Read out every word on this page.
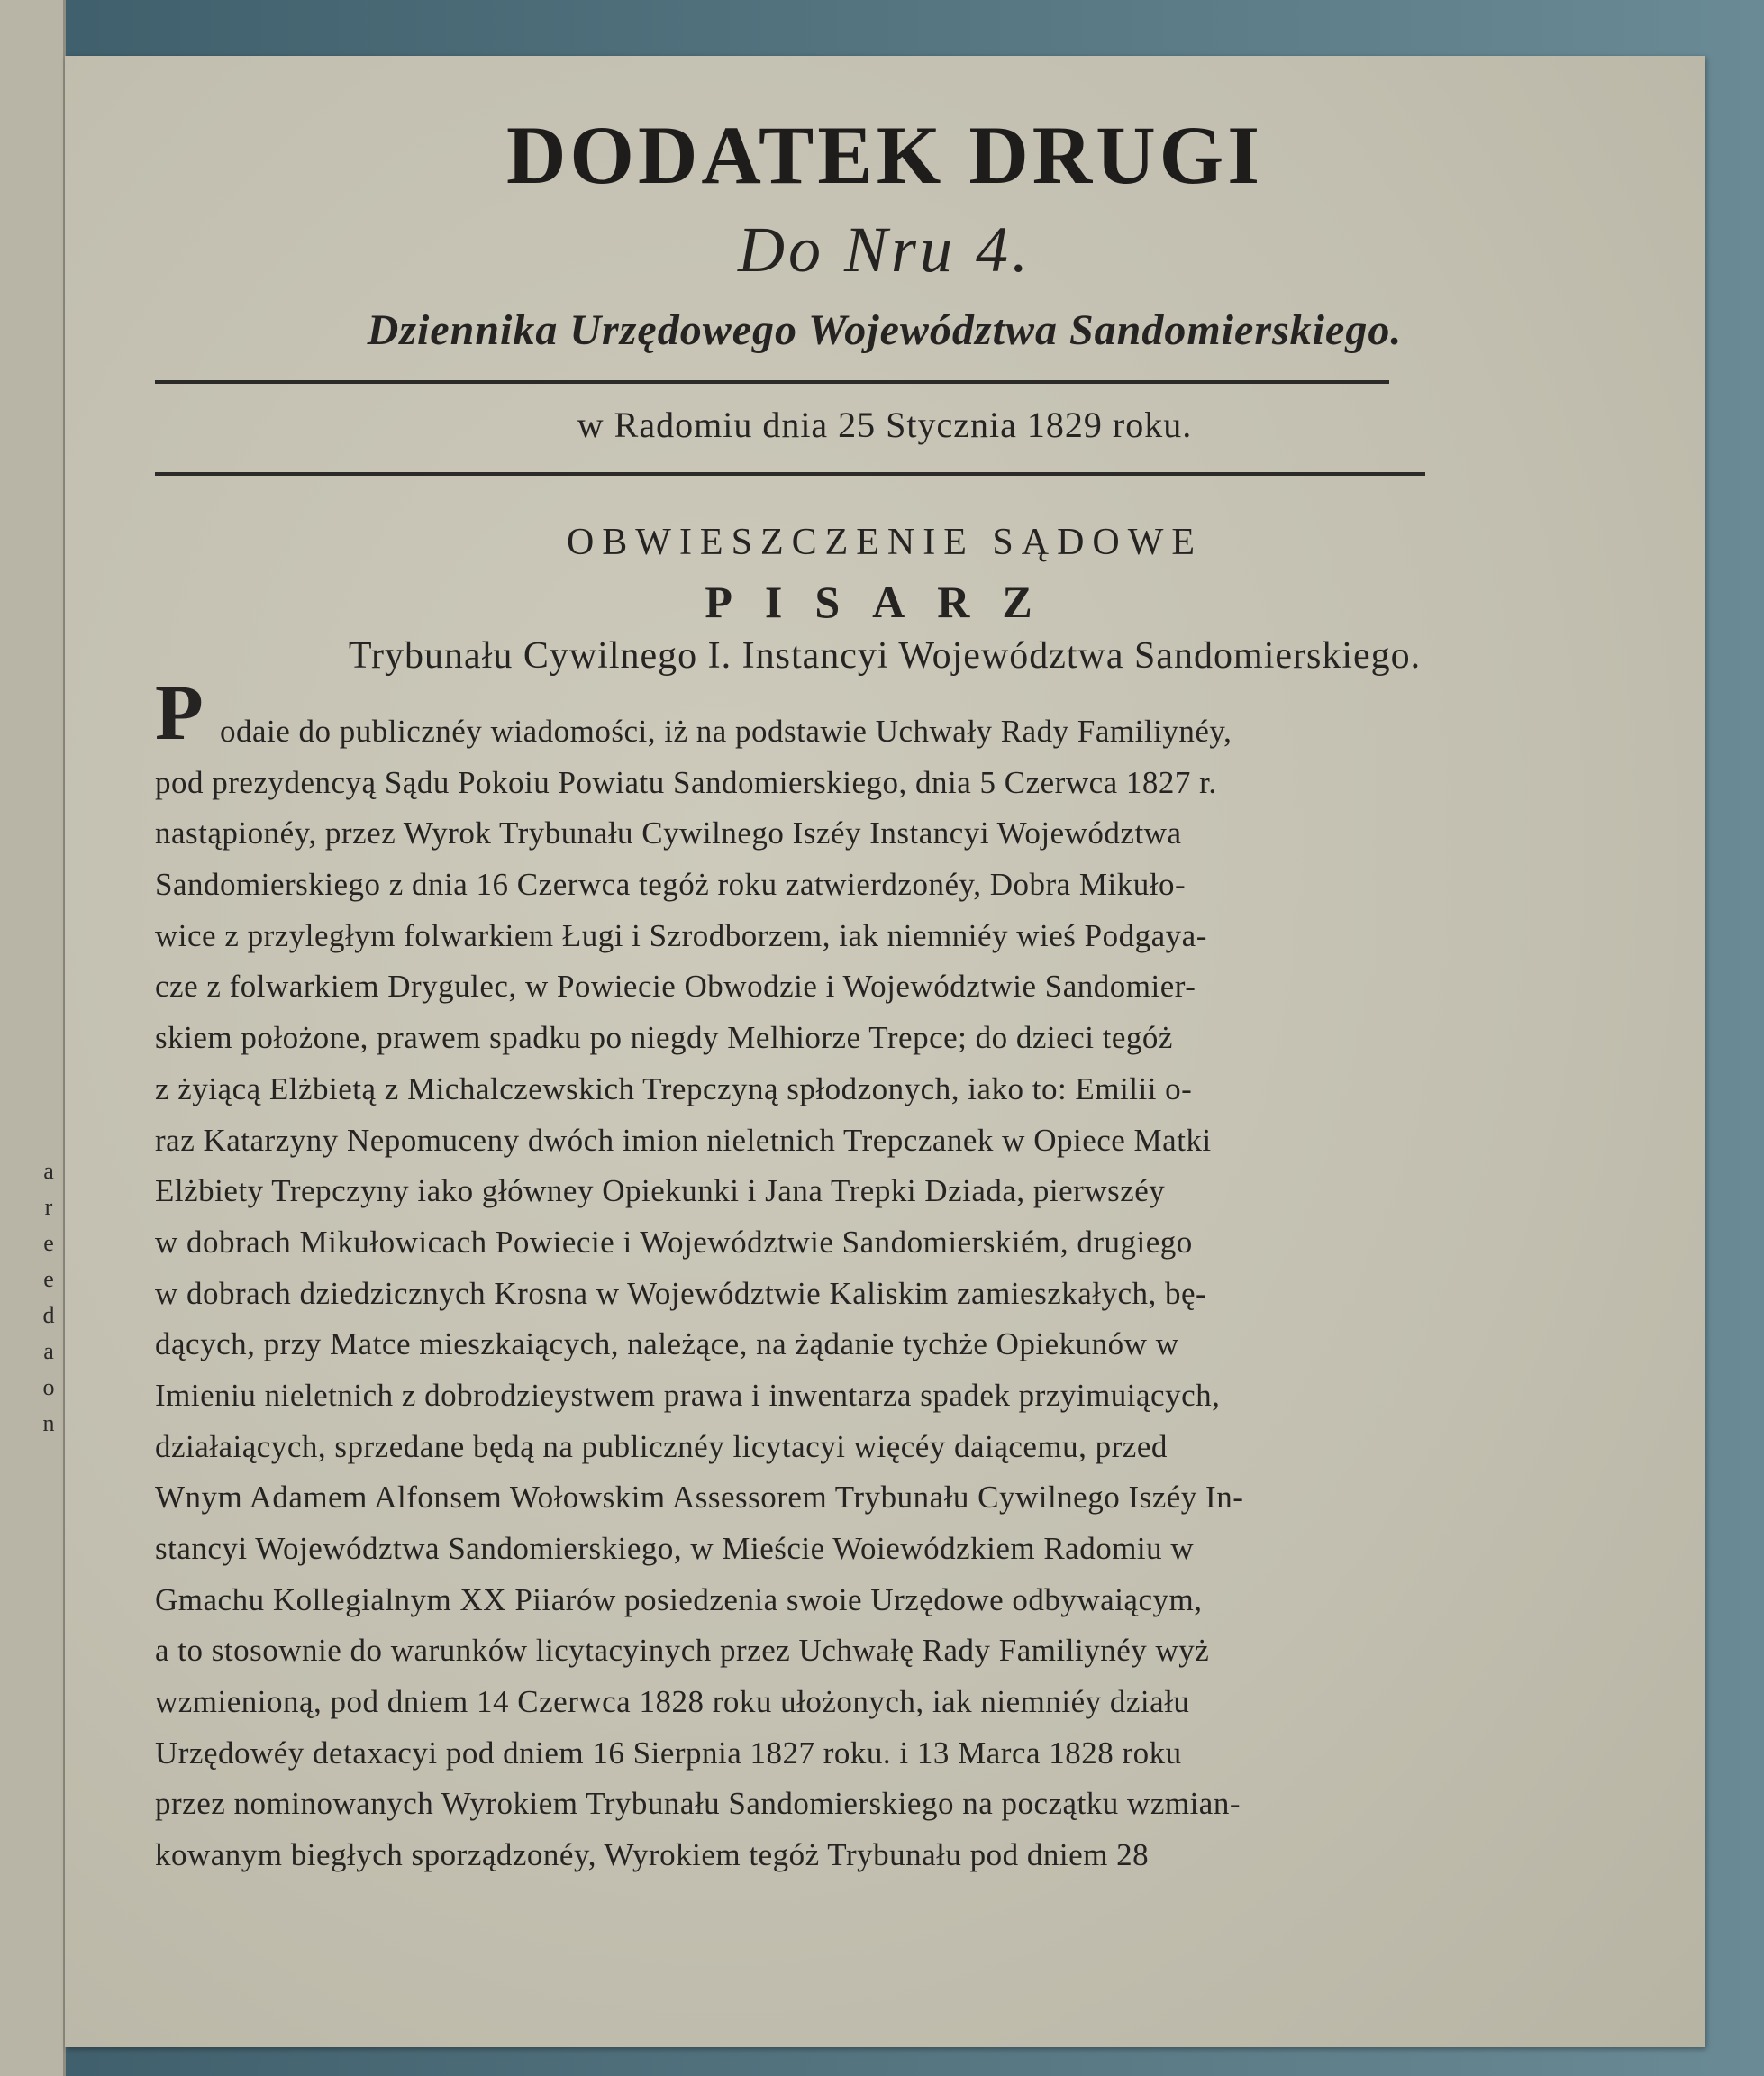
a
r
e
e
d
a
o
n
DODATEK DRUGI
Do Nru 4.
Dziennika Urzędowego Województwa Sandomierskiego.
w Radomiu dnia 25 Stycznia 1829 roku.
OBWIESZCZENIE SĄDOWE
PISARZ
Trybunału Cywilnego I. Instancyi Województwa Sandomierskiego.
P odaie do publicznéy wiadomości, iż na podstawie Uchwały Rady Familiynéy,
pod prezydencyą Sądu Pokoiu Powiatu Sandomierskiego, dnia 5 Czerwca 1827 r.
nastąpionéy, przez Wyrok Trybunału Cywilnego Iszéy Instancyi Województwa
Sandomierskiego z dnia 16 Czerwca tegóż roku zatwierdzonéy, Dobra Mikuło-
wice z przyległym folwarkiem Ługi i Szrodborzem, iak niemniéy wieś Podgaya-
cze z folwarkiem Drygulec, w Powiecie Obwodzie i Województwie Sandomier-
skiem położone, prawem spadku po niegdy Melhiorze Trepce; do dzieci tegóż
z żyiącą Elżbietą z Michalczewskich Trepczyną spłodzonych, iako to: Emilii o-
raz Katarzyny Nepomuceny dwóch imion nieletnich Trepczanek w Opiece Matki
Elżbiety Trepczyny iako główney Opiekunki i Jana Trepki Dziada, pierwszéy
w dobrach Mikułowicach Powiecie i Województwie Sandomierskiém, drugiego
w dobrach dziedzicznych Krosna w Województwie Kaliskim zamieszkałych, bę-
dących, przy Matce mieszkaiących, należące, na żądanie tychże Opiekunów w
Imieniu nieletnich z dobrodzieystwem prawa i inwentarza spadek przyimuiących,
działaiących, sprzedane będą na publicznéy licytacyi więcéy daiącemu, przed
Wnym Adamem Alfonsem Wołowskim Assessorem Trybunału Cywilnego Iszéy In-
stancyi Województwa Sandomierskiego, w Mieście Woiewódzkiem Radomiu w
Gmachu Kollegialnym XX Piiarów posiedzenia swoie Urzędowe odbywaiącym,
a to stosownie do warunków licytacyinych przez Uchwałę Rady Familiynéy wyż
wzmienioną, pod dniem 14 Czerwca 1828 roku ułożonych, iak niemniéy działu
Urzędowéy detaxacyi pod dniem 16 Sierpnia 1827 roku. i 13 Marca 1828 roku
przez nominowanych Wyrokiem Trybunału Sandomierskiego na początku wzmian-
kowanym biegłych sporządzonéy, Wyrokiem tegóż Trybunału pod dniem 28
